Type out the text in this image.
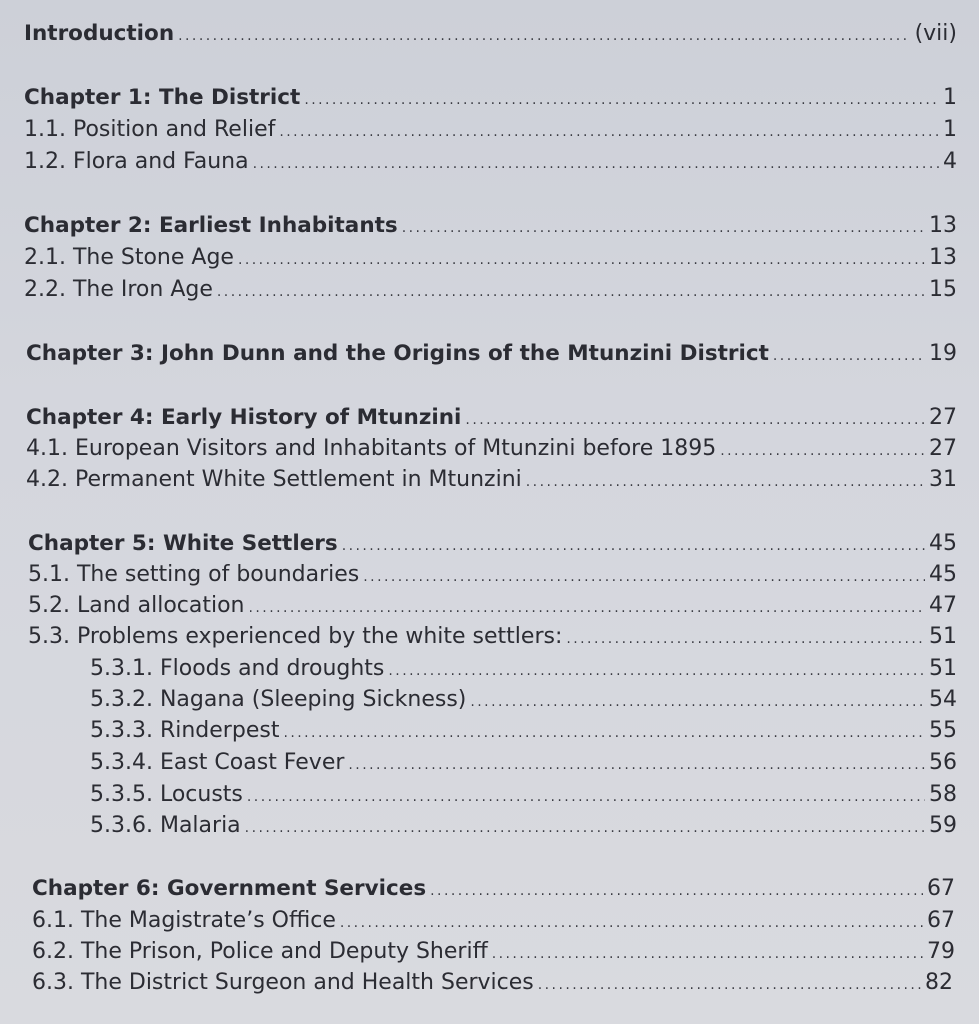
Introduction . . .	(vii)
Chapter 1: The District . . .	1
1.1. Position and Relief . . .	1
1.2. Flora and Fauna . . .	4
Chapter 2: Earliest Inhabitants . . .	13
2.1. The Stone Age . . .	13
2.2. The Iron Age . . .	15
Chapter 3: John Dunn and the Origins of the Mtunzini District . . .	19
Chapter 4: Early History of Mtunzini . . .	27
4.1. European Visitors and Inhabitants of Mtunzini before 1895 . . .	27
4.2. Permanent White Settlement in Mtunzini . . .	31
Chapter 5: White Settlers . . .	45
5.1. The setting of boundaries . . .	45
5.2. Land allocation . . .	47
5.3. Problems experienced by the white settlers: . . .	51
5.3.1. Floods and droughts . . .	51
5.3.2. Nagana (Sleeping Sickness) . . .	54
5.3.3. Rinderpest . . .	55
5.3.4. East Coast Fever . . .	56
5.3.5. Locusts . . .	58
5.3.6. Malaria . . .	59
Chapter 6: Government Services . . .	67
6.1. The Magistrate’s Office . . .	67
6.2. The Prison, Police and Deputy Sheriff . . .	79
6.3. The District Surgeon and Health Services . . .	82
